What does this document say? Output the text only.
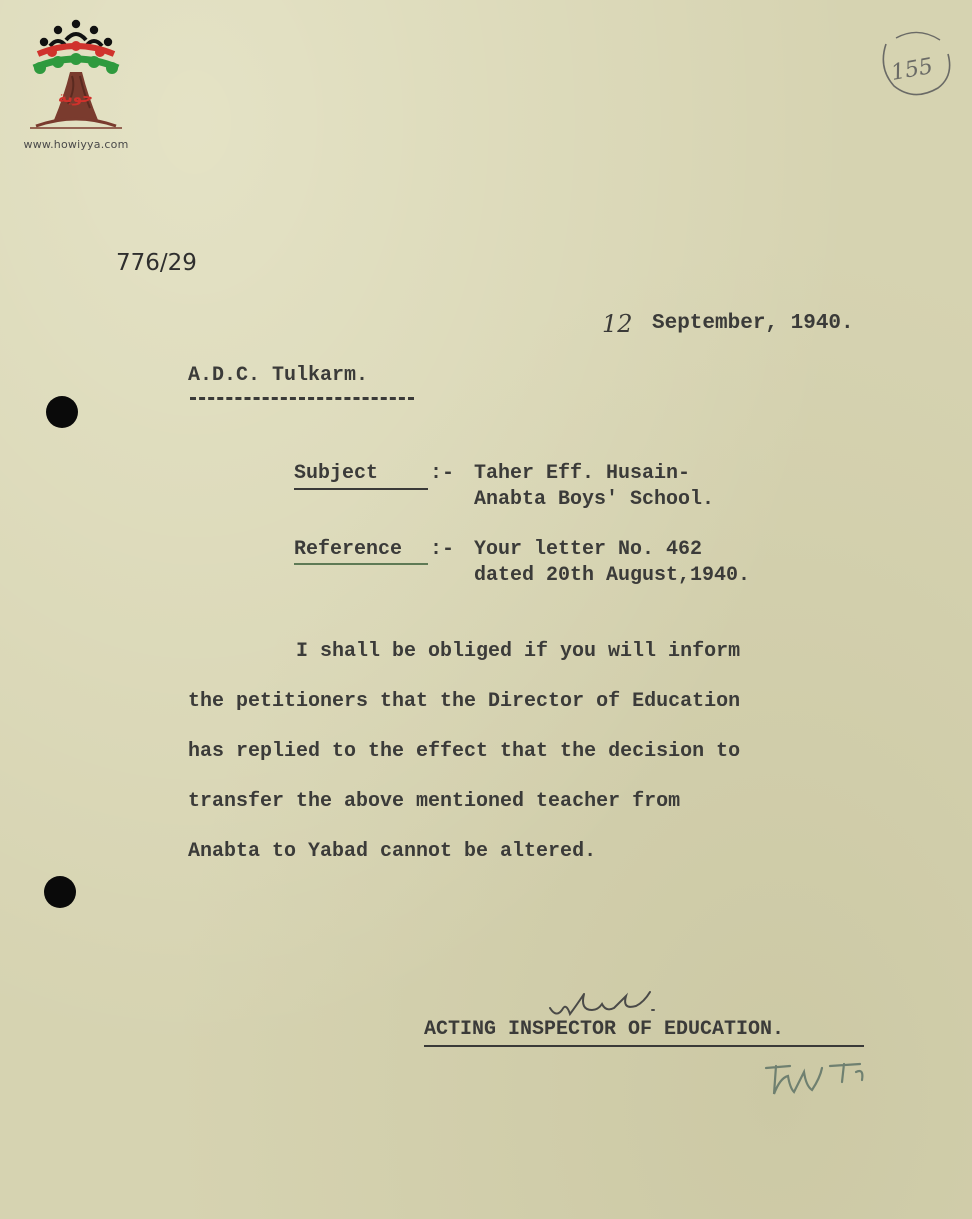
حوية
www.howiyya.com
155
776/29
12 September, 1940.
A.D.C. Tulkarm.
Subject	:- Taher Eff. Husain-
Anabta Boys' School.
Reference :- Your letter No. 462
dated 20th August,1940.
I shall be obliged if you will inform
the petitioners that the Director of Education
has replied to the effect that the decision to
transfer the above mentioned teacher from
Anabta to Yabad cannot be altered.
ACTING INSPECTOR OF EDUCATION.
